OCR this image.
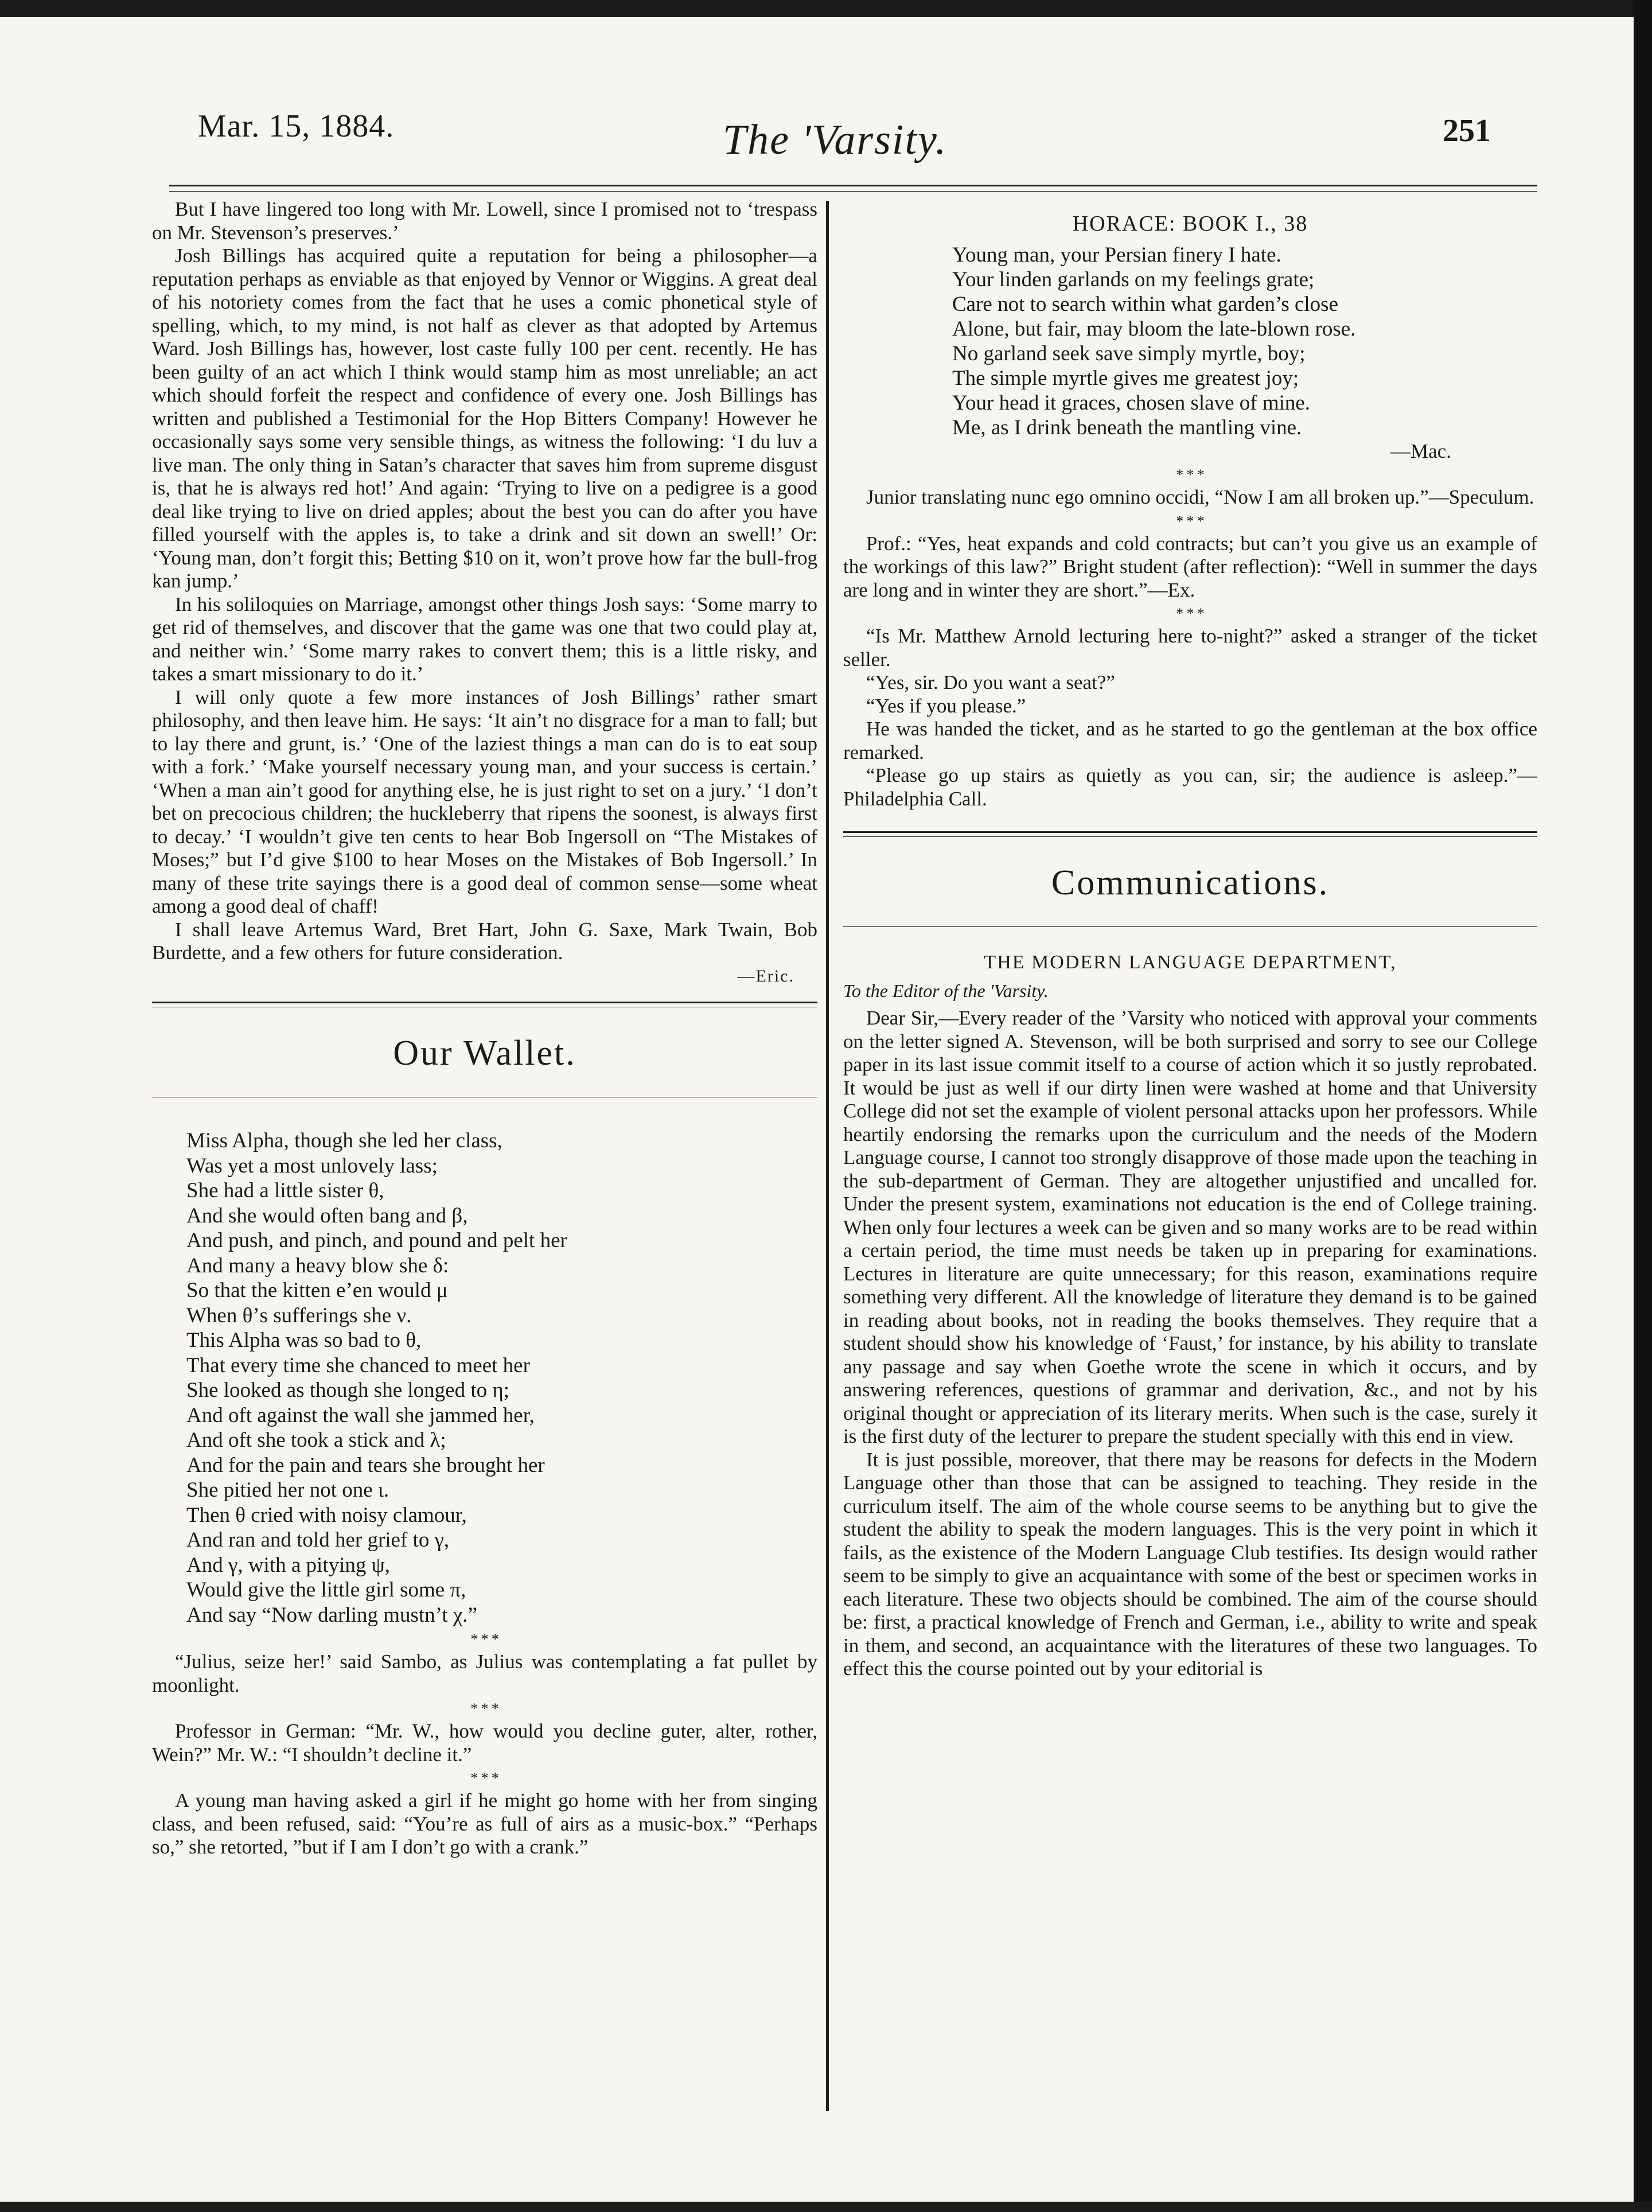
Mar. 15, 1884.	The 'Varsity.	251

But I have lingered too long with Mr. Lowell, since I promised not to ‘trespass on Mr. Stevenson’s preserves.’

Josh Billings has acquired quite a reputation for being a philosopher—a reputation perhaps as enviable as that enjoyed by Vennor or Wiggins. A great deal of his notoriety comes from the fact that he uses a comic phonetical style of spelling, which, to my mind, is not half as clever as that adopted by Artemus Ward. Josh Billings has, however, lost caste fully 100 per cent. recently. He has been guilty of an act which I think would stamp him as most unreliable; an act which should forfeit the respect and confidence of every one. Josh Billings has written and published a Testimonial for the Hop Bitters Company! However he occasionally says some very sensible things, as witness the following: ‘I du luv a live man. The only thing in Satan’s character that saves him from supreme disgust is, that he is always red hot!’ And again: ‘Trying to live on a pedigree is a good deal like trying to live on dried apples; about the best you can do after you have filled yourself with the apples is, to take a drink and sit down an swell!’ Or: ‘Young man, don’t forgit this; Betting $10 on it, won’t prove how far the bull-frog kan jump.’

In his soliloquies on Marriage, amongst other things Josh says: ‘Some marry to get rid of themselves, and discover that the game was one that two could play at, and neither win.’ ‘Some marry rakes to convert them; this is a little risky, and takes a smart missionary to do it.’

I will only quote a few more instances of Josh Billings’ rather smart philosophy, and then leave him. He says: ‘It ain’t no disgrace for a man to fall; but to lay there and grunt, is.’ ‘One of the laziest things a man can do is to eat soup with a fork.’ ‘Make yourself necessary young man, and your success is certain.’ ‘When a man ain’t good for anything else, he is just right to set on a jury.’ ‘I don’t bet on precocious children; the huckleberry that ripens the soonest, is always first to decay.’ ‘I wouldn’t give ten cents to hear Bob Ingersoll on “The Mistakes of Moses;” but I’d give $100 to hear Moses on the Mistakes of Bob Ingersoll.’ In many of these trite sayings there is a good deal of common sense—some wheat among a good deal of chaff!

I shall leave Artemus Ward, Bret Hart, John G. Saxe, Mark Twain, Bob Burdette, and a few others for future consideration.

—Eric.
Our Wallet.
Miss Alpha, though she led her class,
Was yet a most unlovely lass;
She had a little sister θ,
And she would often bang and β,
And push, and pinch, and pound and pelt her
And many a heavy blow she δ:
So that the kitten e’en would μ
When θ’s sufferings she ν.
This Alpha was so bad to θ,
That every time she chanced to meet her
She looked as though she longed to η;
And oft against the wall she jammed her,
And oft she took a stick and λ;
And for the pain and tears she brought her
She pitied her not one ι.
Then θ cried with noisy clamour,
And ran and told her grief to γ,
And γ, with a pitying ψ,
Would give the little girl some π,
And say “Now darling mustn’t χ.”
* * *

“Julius, seize her!’ said Sambo, as Julius was contemplating a fat pullet by moonlight.

* * *

Professor in German: “Mr. W., how would you decline guter, alter, rother, Wein?” Mr. W.: “I shouldn’t decline it.”

* * *

A young man having asked a girl if he might go home with her from singing class, and been refused, said: “You’re as full of airs as a music-box.” “Perhaps so,” she retorted, ”but if I am I don’t go with a crank.”

HORACE: BOOK I., 38
Young man, your Persian finery I hate.
Your linden garlands on my feelings grate;
Care not to search within what garden’s close
Alone, but fair, may bloom the late-blown rose.
No garland seek save simply myrtle, boy;
The simple myrtle gives me greatest joy;
Your head it graces, chosen slave of mine.
Me, as I drink beneath the mantling vine.
—Mac.
* * *

Junior translating nunc ego omnino occidi, “Now I am all broken up.”—Speculum.

* * *

Prof.: “Yes, heat expands and cold contracts; but can’t you give us an example of the workings of this law?” Bright student (after reflection): “Well in summer the days are long and in winter they are short.”—Ex.

* * *

“Is Mr. Matthew Arnold lecturing here to-night?” asked a stranger of the ticket seller.

“Yes, sir. Do you want a seat?”

“Yes if you please.”

He was handed the ticket, and as he started to go the gentleman at the box office remarked.

“Please go up stairs as quietly as you can, sir; the audience is asleep.”—Philadelphia Call.

Communications.
THE MODERN LANGUAGE DEPARTMENT,
To the Editor of the 'Varsity.

Dear Sir,—Every reader of the ’Varsity who noticed with approval your comments on the letter signed A. Stevenson, will be both surprised and sorry to see our College paper in its last issue commit itself to a course of action which it so justly reprobated. It would be just as well if our dirty linen were washed at home and that University College did not set the example of violent personal attacks upon her professors. While heartily endorsing the remarks upon the curriculum and the needs of the Modern Language course, I cannot too strongly disapprove of those made upon the teaching in the sub-department of German. They are altogether unjustified and uncalled for. Under the present system, examinations not education is the end of College training. When only four lectures a week can be given and so many works are to be read within a certain period, the time must needs be taken up in preparing for examinations. Lectures in literature are quite unnecessary; for this reason, examinations require something very different. All the knowledge of literature they demand is to be gained in reading about books, not in reading the books themselves. They require that a student should show his knowledge of ‘Faust,’ for instance, by his ability to translate any passage and say when Goethe wrote the scene in which it occurs, and by answering references, questions of grammar and derivation, &c., and not by his original thought or appreciation of its literary merits. When such is the case, surely it is the first duty of the lecturer to prepare the student specially with this end in view.

It is just possible, moreover, that there may be reasons for defects in the Modern Language other than those that can be assigned to teaching. They reside in the curriculum itself. The aim of the whole course seems to be anything but to give the student the ability to speak the modern languages. This is the very point in which it fails, as the existence of the Modern Language Club testifies. Its design would rather seem to be simply to give an acquaintance with some of the best or specimen works in each literature. These two objects should be combined. The aim of the course should be: first, a practical knowledge of French and German, i.e., ability to write and speak in them, and second, an acquaintance with the literatures of these two languages. To effect this the course pointed out by your editorial is
